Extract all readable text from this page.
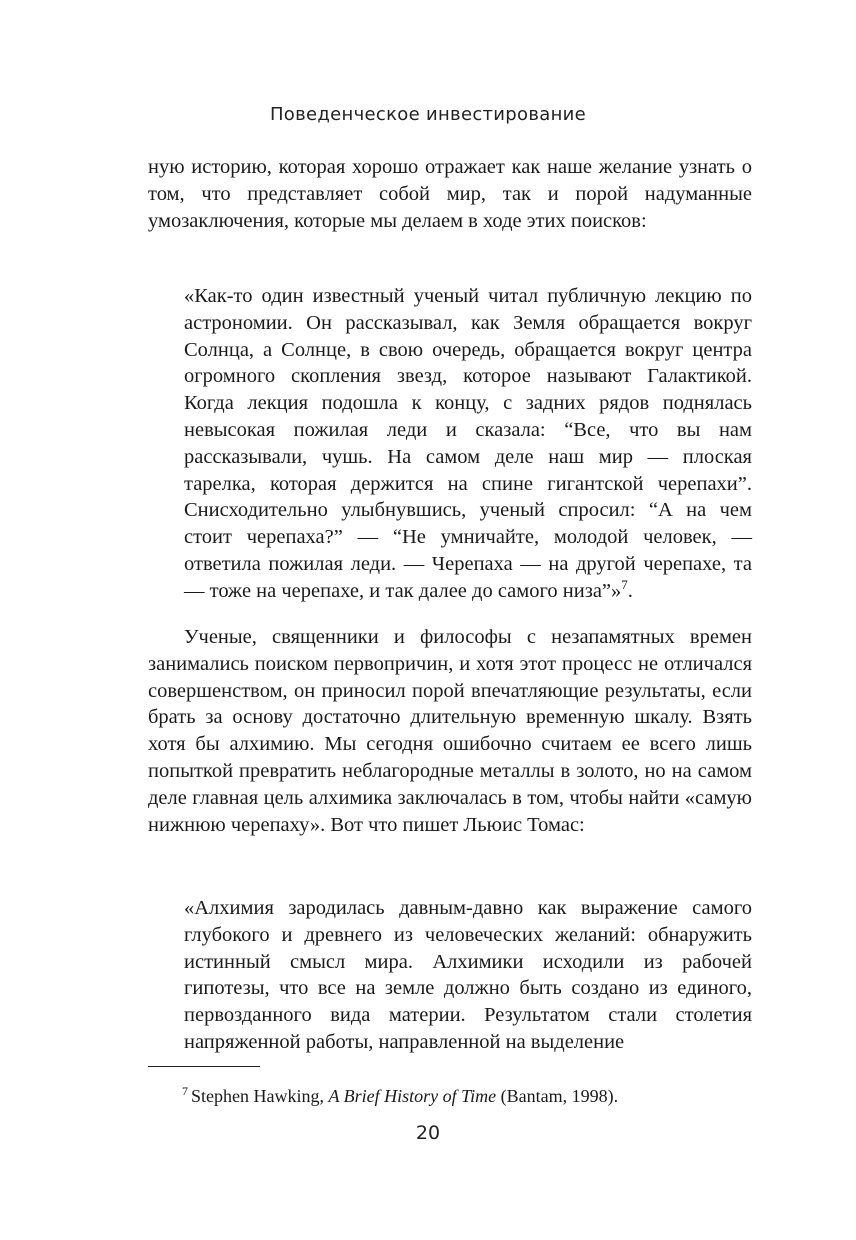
Поведенческое инвестирование

ную историю, которая хорошо отражает как наше желание узнать о том, что представляет собой мир, так и порой надуманные умозаключения, которые мы делаем в ходе этих поисков:

«Как-то один известный ученый читал публичную лекцию по астрономии. Он рассказывал, как Земля обращается вокруг Солнца, а Солнце, в свою очередь, обращается вокруг центра огромного скопления звезд, которое называют Галактикой. Когда лекция подошла к концу, с задних рядов поднялась невысокая пожилая леди и сказала: “Все, что вы нам рассказывали, чушь. На самом деле наш мир — плоская тарелка, которая держится на спине гигантской черепахи”. Снисходительно улыбнувшись, ученый спросил: “А на чем стоит черепаха?” — “Не умничайте, молодой человек, — ответила пожилая леди. — Черепаха — на другой черепахе, та — тоже на черепахе, и так далее до самого низа”»$^7$.

Ученые, священники и философы с незапамятных времен занимались поиском первопричин, и хотя этот процесс не отличался совершенством, он приносил порой впечатляющие результаты, если брать за основу достаточно длительную временную шкалу. Взять хотя бы алхимию. Мы сегодня ошибочно считаем ее всего лишь попыткой превратить неблагородные металлы в золото, но на самом деле главная цель алхимика заключалась в том, чтобы найти «самую нижнюю черепаху». Вот что пишет Льюис Томас:

«Алхимия зародилась давным-давно как выражение самого глубокого и древнего из человеческих желаний: обнаружить истинный смысл мира. Алхимики исходили из рабочей гипотезы, что все на земле должно быть создано из единого, первозданного вида материи. Результатом стали столетия напряженной работы, направленной на выделение

$^7$ Stephen Hawking, A Brief History of Time (Bantam, 1998).
20
